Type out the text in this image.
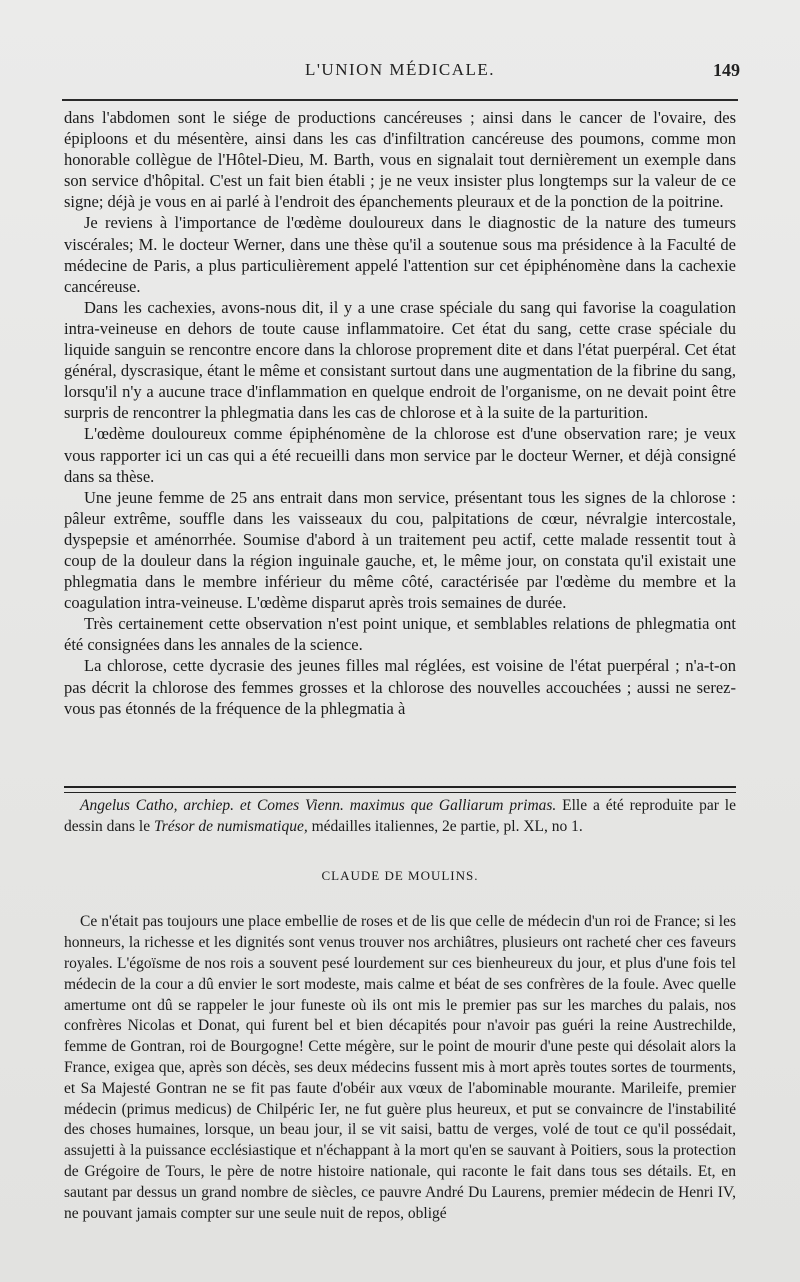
L'UNION MÉDICALE.	149

dans l'abdomen sont le siége de productions cancéreuses ; ainsi dans le cancer de l'ovaire, des épiploons et du mésentère, ainsi dans les cas d'infiltration cancéreuse des poumons, comme mon honorable collègue de l'Hôtel-Dieu, M. Barth, vous en signalait tout dernièrement un exemple dans son service d'hôpital. C'est un fait bien établi ; je ne veux insister plus longtemps sur la valeur de ce signe; déjà je vous en ai parlé à l'endroit des épanchements pleuraux et de la ponction de la poitrine.

Je reviens à l'importance de l'œdème douloureux dans le diagnostic de la nature des tumeurs viscérales; M. le docteur Werner, dans une thèse qu'il a soutenue sous ma présidence à la Faculté de médecine de Paris, a plus particulièrement appelé l'attention sur cet épiphénomène dans la cachexie cancéreuse.

Dans les cachexies, avons-nous dit, il y a une crase spéciale du sang qui favorise la coagulation intra-veineuse en dehors de toute cause inflammatoire. Cet état du sang, cette crase spéciale du liquide sanguin se rencontre encore dans la chlorose proprement dite et dans l'état puerpéral. Cet état général, dyscrasique, étant le même et consistant surtout dans une augmentation de la fibrine du sang, lorsqu'il n'y a aucune trace d'inflammation en quelque endroit de l'organisme, on ne devait point être surpris de rencontrer la phlegmatia dans les cas de chlorose et à la suite de la parturition.

L'œdème douloureux comme épiphénomène de la chlorose est d'une observation rare; je veux vous rapporter ici un cas qui a été recueilli dans mon service par le docteur Werner, et déjà consigné dans sa thèse.

Une jeune femme de 25 ans entrait dans mon service, présentant tous les signes de la chlorose : pâleur extrême, souffle dans les vaisseaux du cou, palpitations de cœur, névralgie intercostale, dyspepsie et aménorrhée. Soumise d'abord à un traitement peu actif, cette malade ressentit tout à coup de la douleur dans la région inguinale gauche, et, le même jour, on constata qu'il existait une phlegmatia dans le membre inférieur du même côté, caractérisée par l'œdème du membre et la coagulation intra-veineuse. L'œdème disparut après trois semaines de durée.

Très certainement cette observation n'est point unique, et semblables relations de phlegmatia ont été consignées dans les annales de la science.

La chlorose, cette dycrasie des jeunes filles mal réglées, est voisine de l'état puerpéral ; n'a-t-on pas décrit la chlorose des femmes grosses et la chlorose des nouvelles accouchées ; aussi ne serez-vous pas étonnés de la fréquence de la phlegmatia à

Angelus Catho, archiep. et Comes Vienn. maximus que Galliarum primas. Elle a été reproduite par le dessin dans le Trésor de numismatique, médailles italiennes, 2e partie, pl. XL, no 1.

CLAUDE DE MOULINS.

Ce n'était pas toujours une place embellie de roses et de lis que celle de médecin d'un roi de France; si les honneurs, la richesse et les dignités sont venus trouver nos archiâtres, plusieurs ont racheté cher ces faveurs royales. L'égoïsme de nos rois a souvent pesé lourdement sur ces bienheureux du jour, et plus d'une fois tel médecin de la cour a dû envier le sort modeste, mais calme et béat de ses confrères de la foule. Avec quelle amertume ont dû se rappeler le jour funeste où ils ont mis le premier pas sur les marches du palais, nos confrères Nicolas et Donat, qui furent bel et bien décapités pour n'avoir pas guéri la reine Austrechilde, femme de Gontran, roi de Bourgogne! Cette mégère, sur le point de mourir d'une peste qui désolait alors la France, exigea que, après son décès, ses deux médecins fussent mis à mort après toutes sortes de tourments, et Sa Majesté Gontran ne se fit pas faute d'obéir aux vœux de l'abominable mourante. Marileife, premier médecin (primus medicus) de Chilpéric Ier, ne fut guère plus heureux, et put se convaincre de l'instabilité des choses humaines, lorsque, un beau jour, il se vit saisi, battu de verges, volé de tout ce qu'il possédait, assujetti à la puissance ecclésiastique et n'échappant à la mort qu'en se sauvant à Poitiers, sous la protection de Grégoire de Tours, le père de notre histoire nationale, qui raconte le fait dans tous ses détails. Et, en sautant par dessus un grand nombre de siècles, ce pauvre André Du Laurens, premier médecin de Henri IV, ne pouvant jamais compter sur une seule nuit de repos, obligé
